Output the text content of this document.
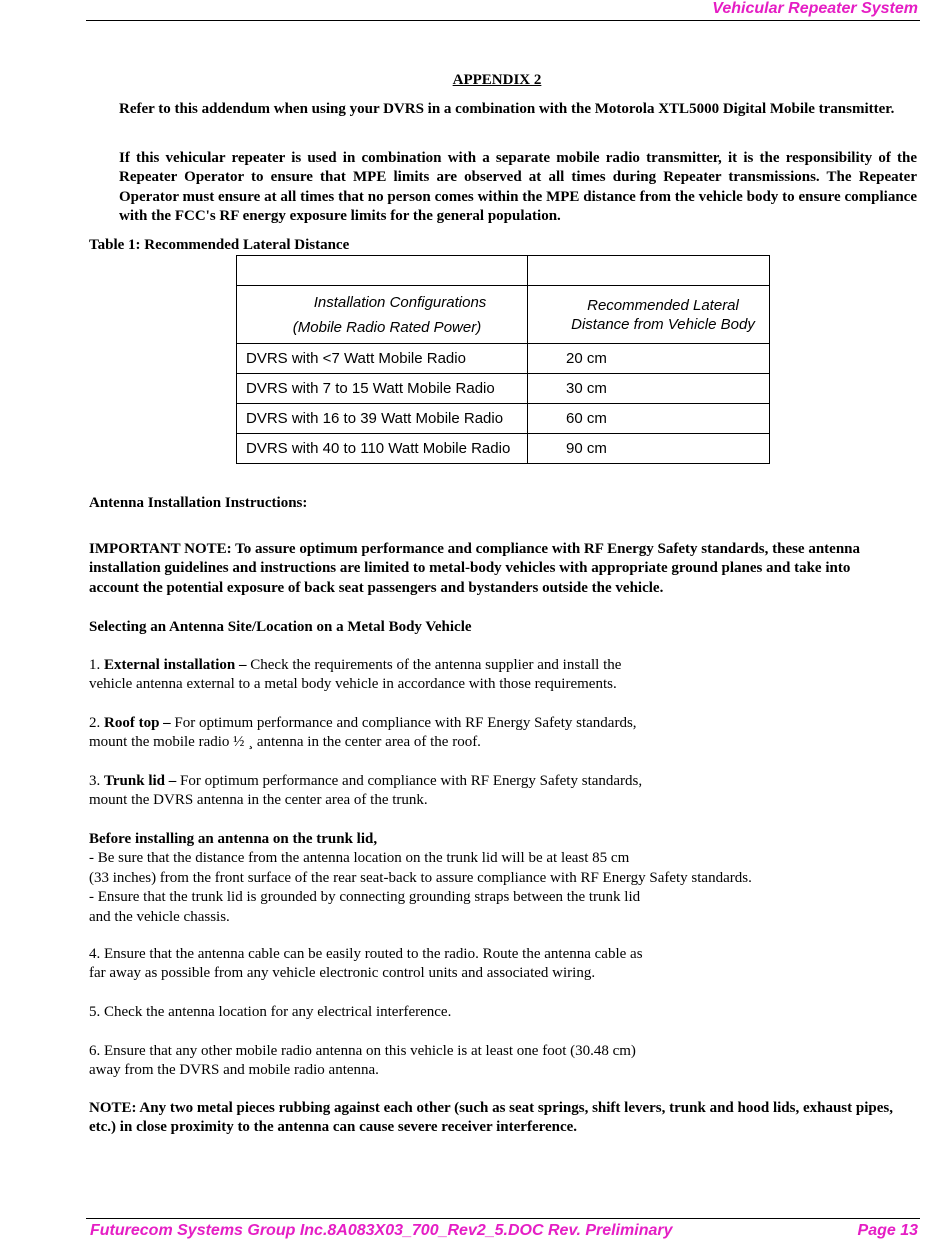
Vehicular Repeater System
APPENDIX 2
Refer to this addendum when using your DVRS in a combination with the Motorola XTL5000 Digital Mobile transmitter.
If this vehicular repeater is used in combination with a separate mobile radio transmitter, it is the responsibility of the Repeater Operator to ensure that MPE limits are observed at all times during Repeater transmissions. The Repeater Operator must ensure at all times that no person comes within the MPE distance from the vehicle body to ensure compliance with the FCC's RF energy exposure limits for the general population.
Table 1: Recommended Lateral Distance

Installation Configurations
(Mobile Radio Rated Power)	Recommended Lateral Distance from Vehicle Body

DVRS with <7 Watt Mobile Radio	20 cm
DVRS with 7 to 15 Watt Mobile Radio	30 cm
DVRS with 16 to 39 Watt Mobile Radio	60 cm
DVRS with 40 to 110 Watt Mobile Radio	90 cm
Antenna Installation Instructions:
IMPORTANT NOTE: To assure optimum performance and compliance with RF Energy Safety standards, these antenna installation guidelines and instructions are limited to metal-body vehicles with appropriate ground planes and take into account the potential exposure of back seat passengers and bystanders outside the vehicle.
Selecting an Antenna Site/Location on a Metal Body Vehicle
1. External installation – Check the requirements of the antenna supplier and install the
vehicle antenna external to a metal body vehicle in accordance with those requirements.
2. Roof top – For optimum performance and compliance with RF Energy Safety standards,
mount the mobile radio ½ ¸ antenna in the center area of the roof.
3. Trunk lid – For optimum performance and compliance with RF Energy Safety standards,
mount the DVRS antenna in the center area of the trunk.
Before installing an antenna on the trunk lid,
- Be sure that the distance from the antenna location on the trunk lid will be at least 85 cm
(33 inches) from the front surface of the rear seat-back to assure compliance with RF Energy Safety standards.
- Ensure that the trunk lid is grounded by connecting grounding straps between the trunk lid
and the vehicle chassis.
4. Ensure that the antenna cable can be easily routed to the radio. Route the antenna cable as
far away as possible from any vehicle electronic control units and associated wiring.
5. Check the antenna location for any electrical interference.
6. Ensure that any other mobile radio antenna on this vehicle is at least one foot (30.48 cm)
away from the DVRS and mobile radio antenna.
NOTE: Any two metal pieces rubbing against each other (such as seat springs, shift levers, trunk and hood lids, exhaust pipes, etc.) in close proximity to the antenna can cause severe receiver interference.
Futurecom Systems Group Inc.8A083X03_700_Rev2_5.DOC Rev. Preliminary	Page 13
